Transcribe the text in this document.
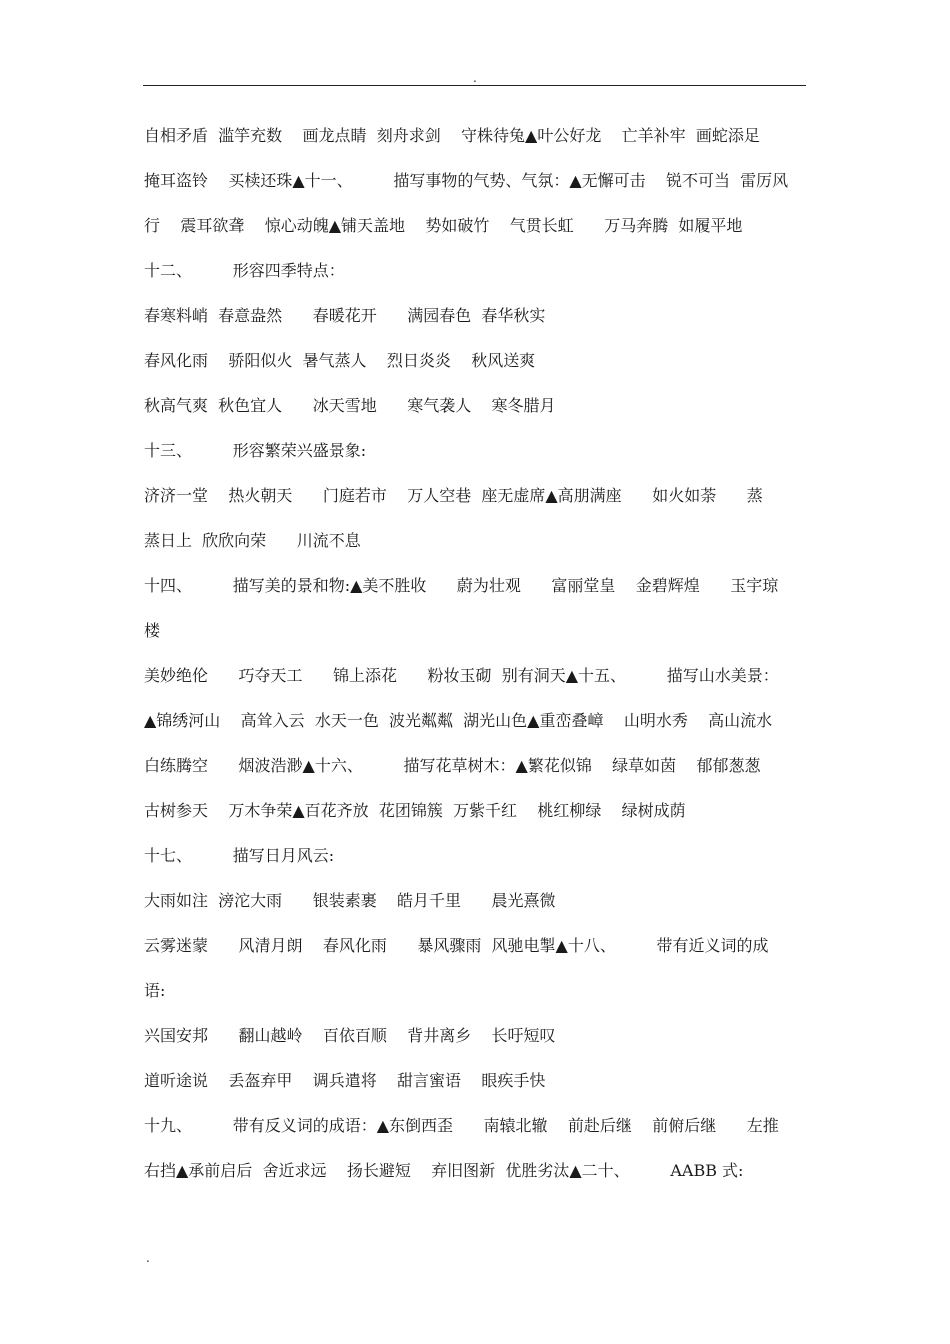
.
自相矛盾  滥竽充数    画龙点睛  刻舟求剑    守株待兔▲叶公好龙    亡羊补牢  画蛇添足
掩耳盗铃    买椟还珠▲十一、        描写事物的气势、气氛：▲无懈可击    锐不可当  雷厉风
行    震耳欲聋    惊心动魄▲铺天盖地    势如破竹    气贯长虹      万马奔腾  如履平地
十二、        形容四季特点：
春寒料峭  春意盎然      春暖花开      满园春色  春华秋实
春风化雨    骄阳似火  暑气蒸人    烈日炎炎    秋风送爽
秋高气爽  秋色宜人      冰天雪地      寒气袭人    寒冬腊月
十三、        形容繁荣兴盛景象:
济济一堂    热火朝天      门庭若市    万人空巷  座无虚席▲高朋满座      如火如荼      蒸
蒸日上  欣欣向荣      川流不息
十四、        描写美的景和物:▲美不胜收      蔚为壮观      富丽堂皇    金碧辉煌      玉宇琼
楼
美妙绝伦      巧夺天工      锦上添花      粉妆玉砌  别有洞天▲十五、        描写山水美景：
▲锦绣河山    高耸入云  水天一色  波光粼粼  湖光山色▲重峦叠嶂    山明水秀    高山流水
白练腾空      烟波浩渺▲十六、        描写花草树木：▲繁花似锦    绿草如茵    郁郁葱葱
古树参天    万木争荣▲百花齐放  花团锦簇  万紫千红    桃红柳绿    绿树成荫
十七、        描写日月风云:
大雨如注  滂沱大雨      银装素裹    皓月千里      晨光熹微
云雾迷蒙      风清月朗    春风化雨      暴风骤雨  风驰电掣▲十八、        带有近义词的成
语:
兴国安邦      翻山越岭    百依百顺    背井离乡    长吁短叹
道听途说    丢盔弃甲    调兵遣将    甜言蜜语    眼疾手快
十九、        带有反义词的成语：▲东倒西歪      南辕北辙    前赴后继    前俯后继      左推
右挡▲承前启后  舍近求远    扬长避短    弃旧图新  优胜劣汰▲二十、        AABB 式:
.
